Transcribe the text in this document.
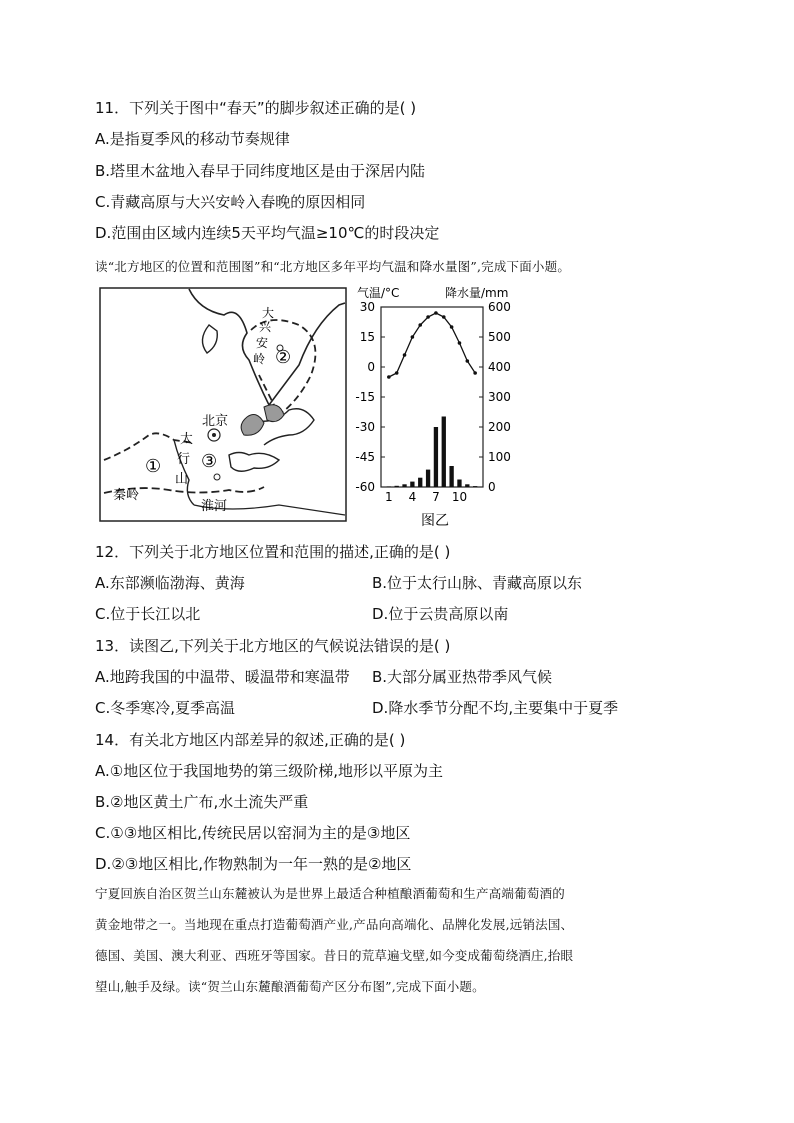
11．下列关于图中“春天”的脚步叙述正确的是( )
A.是指夏季风的移动节奏规律
B.塔里木盆地入春早于同纬度地区是由于深居内陆
C.青藏高原与大兴安岭入春晚的原因相同
D.范围由区域内连续5天平均气温≥10℃的时段决定
读“北方地区的位置和范围图”和“北方地区多年平均气温和降水量图”,完成下面小题。
北京
大
兴
安
岭
太
行
山
秦岭
淮河
①
②
③
气温/°C	降水量/mm
30
15
0
-15
-30
-45
-60
600
500
400
300
200
100
0
1 4 7 10
图乙
12．下列关于北方地区位置和范围的描述,正确的是( )
A.东部濒临渤海、黄海	B.位于太行山脉、青藏高原以东
C.位于长江以北	D.位于云贵高原以南
13．读图乙,下列关于北方地区的气候说法错误的是( )
A.地跨我国的中温带、暖温带和寒温带 B.大部分属亚热带季风气候
C.冬季寒冷,夏季高温	D.降水季节分配不均,主要集中于夏季
14．有关北方地区内部差异的叙述,正确的是( )
A.①地区位于我国地势的第三级阶梯,地形以平原为主
B.②地区黄土广布,水土流失严重
C.①③地区相比,传统民居以窑洞为主的是③地区
D.②③地区相比,作物熟制为一年一熟的是②地区
宁夏回族自治区贺兰山东麓被认为是世界上最适合种植酿酒葡萄和生产高端葡萄酒的
黄金地带之一。当地现在重点打造葡萄酒产业,产品向高端化、品牌化发展,远销法国、
德国、美国、澳大利亚、西班牙等国家。昔日的荒草遍戈壁,如今变成葡萄绕酒庄,抬眼
望山,触手及绿。读“贺兰山东麓酿酒葡萄产区分布图”,完成下面小题。
